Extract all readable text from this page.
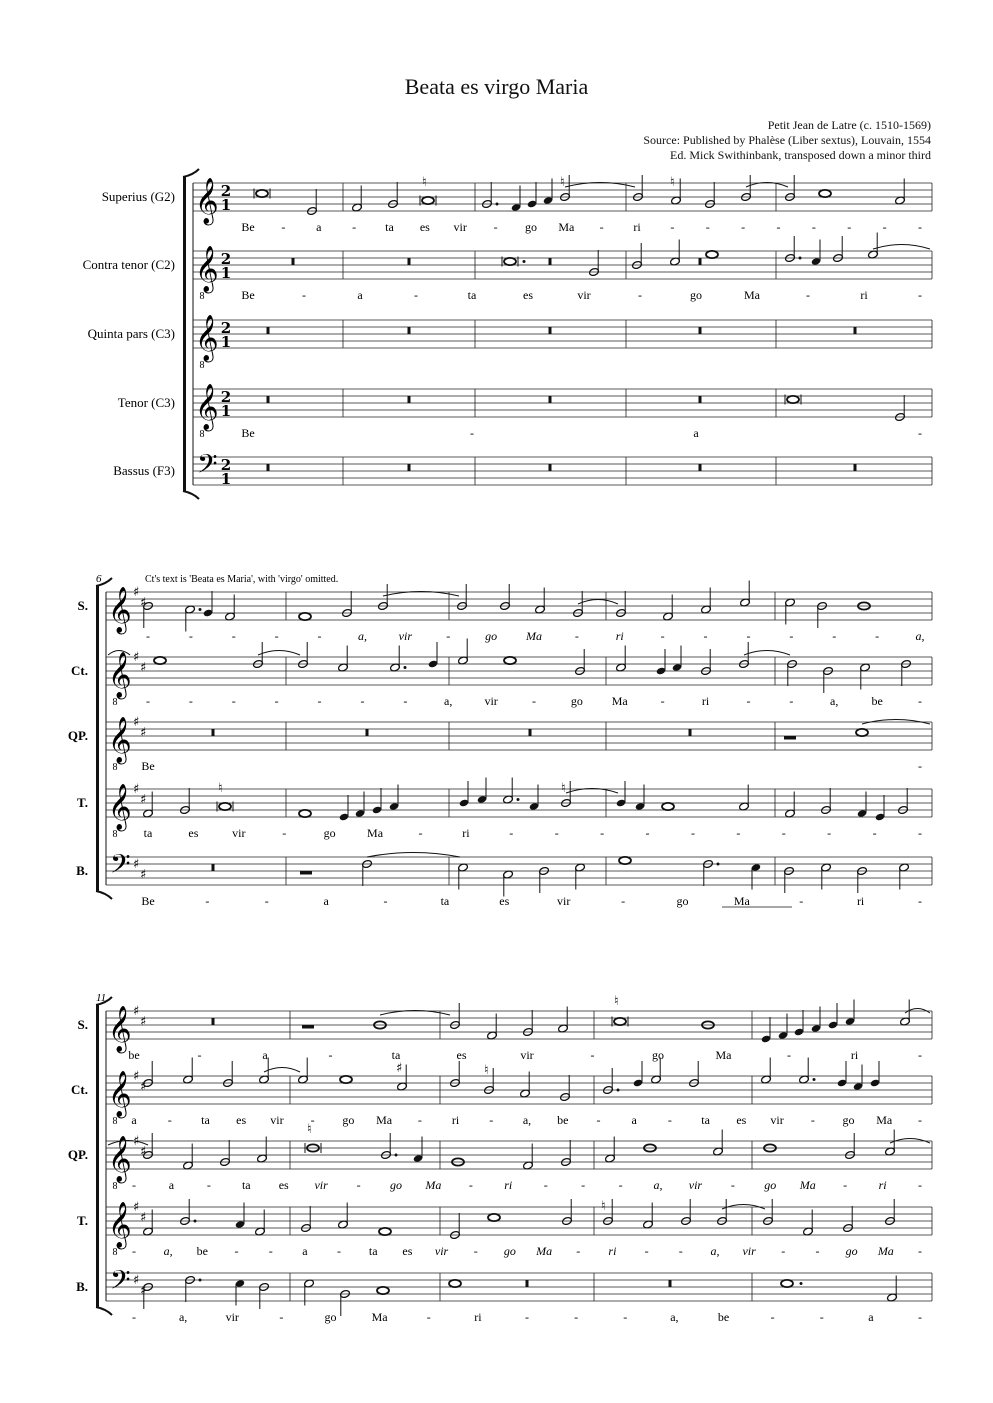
Beata es virgo Maria
Petit Jean de Latre (c. 1510-1569)
Source: Published by Phalèse (Liber sextus), Louvain, 1554
Ed. Mick Swithinbank, transposed down a minor third
Superius (G2) 𝄞 2
1
Be -	a	- ta es vir - go Ma - ri -	-	-	-	-	-	-	-
Contra tenor (C2) 𝄞
8
2
1
Be	-	a	-	ta	es	vir	-	go	Ma	-	ri	-
Quinta pars (C3) 𝄞
8
2
1
Tenor (C3) 𝄞
8
2
1
Be	-	a	-
Bassus (F3) 𝄢 2
1
♮	♮	♮
S. 𝄞 ♯
♯
-	-	-	-	-	a,	vir	-	go Ma	-	ri	-	-	-	-	-	-	a,
Ct. 𝄞
8
♯
♯
-	-	-	-	-	-	-	a,	vir	-	go Ma	-	ri	-	-	a,	be	-
QP. 𝄞
8
♯
♯
Be	-
T. 𝄞
8
♯
♯
ta	es	vir	-	go	Ma	-	ri	-	-	-	-	-	-	-	-	-	-
B. 𝄢 ♯
♯
Be	-	-	a	-	ta	es	vir	-	go	Ma	-	ri	-
6	Ct's text is 'Beata es Maria', with 'virgo' omitted.
♮	♮
S. 𝄞 ♯
♯
be	-	a	-	ta	es	vir	-	go	Ma	-	ri	-
Ct. 𝄞
8
♯
♯
a	- ta es vir - go Ma -	ri	- a, be -	a	- ta es vir - go Ma -
QP. 𝄞
8
♯
♯
-	a	-	ta es vir - go Ma -	ri	-	-	-	a, vir - go Ma -	ri	-
T. 𝄞
8
♯
♯
- a, be -	- a - ta es vir - go Ma - ri -	- a, vir -	- go Ma -
B. 𝄢 ♯
♯
-	a,	vir	-	go	Ma	-	ri	-	-	-	a,	be	-	-	a	-
11	♮
♯	♮
♮
♮
